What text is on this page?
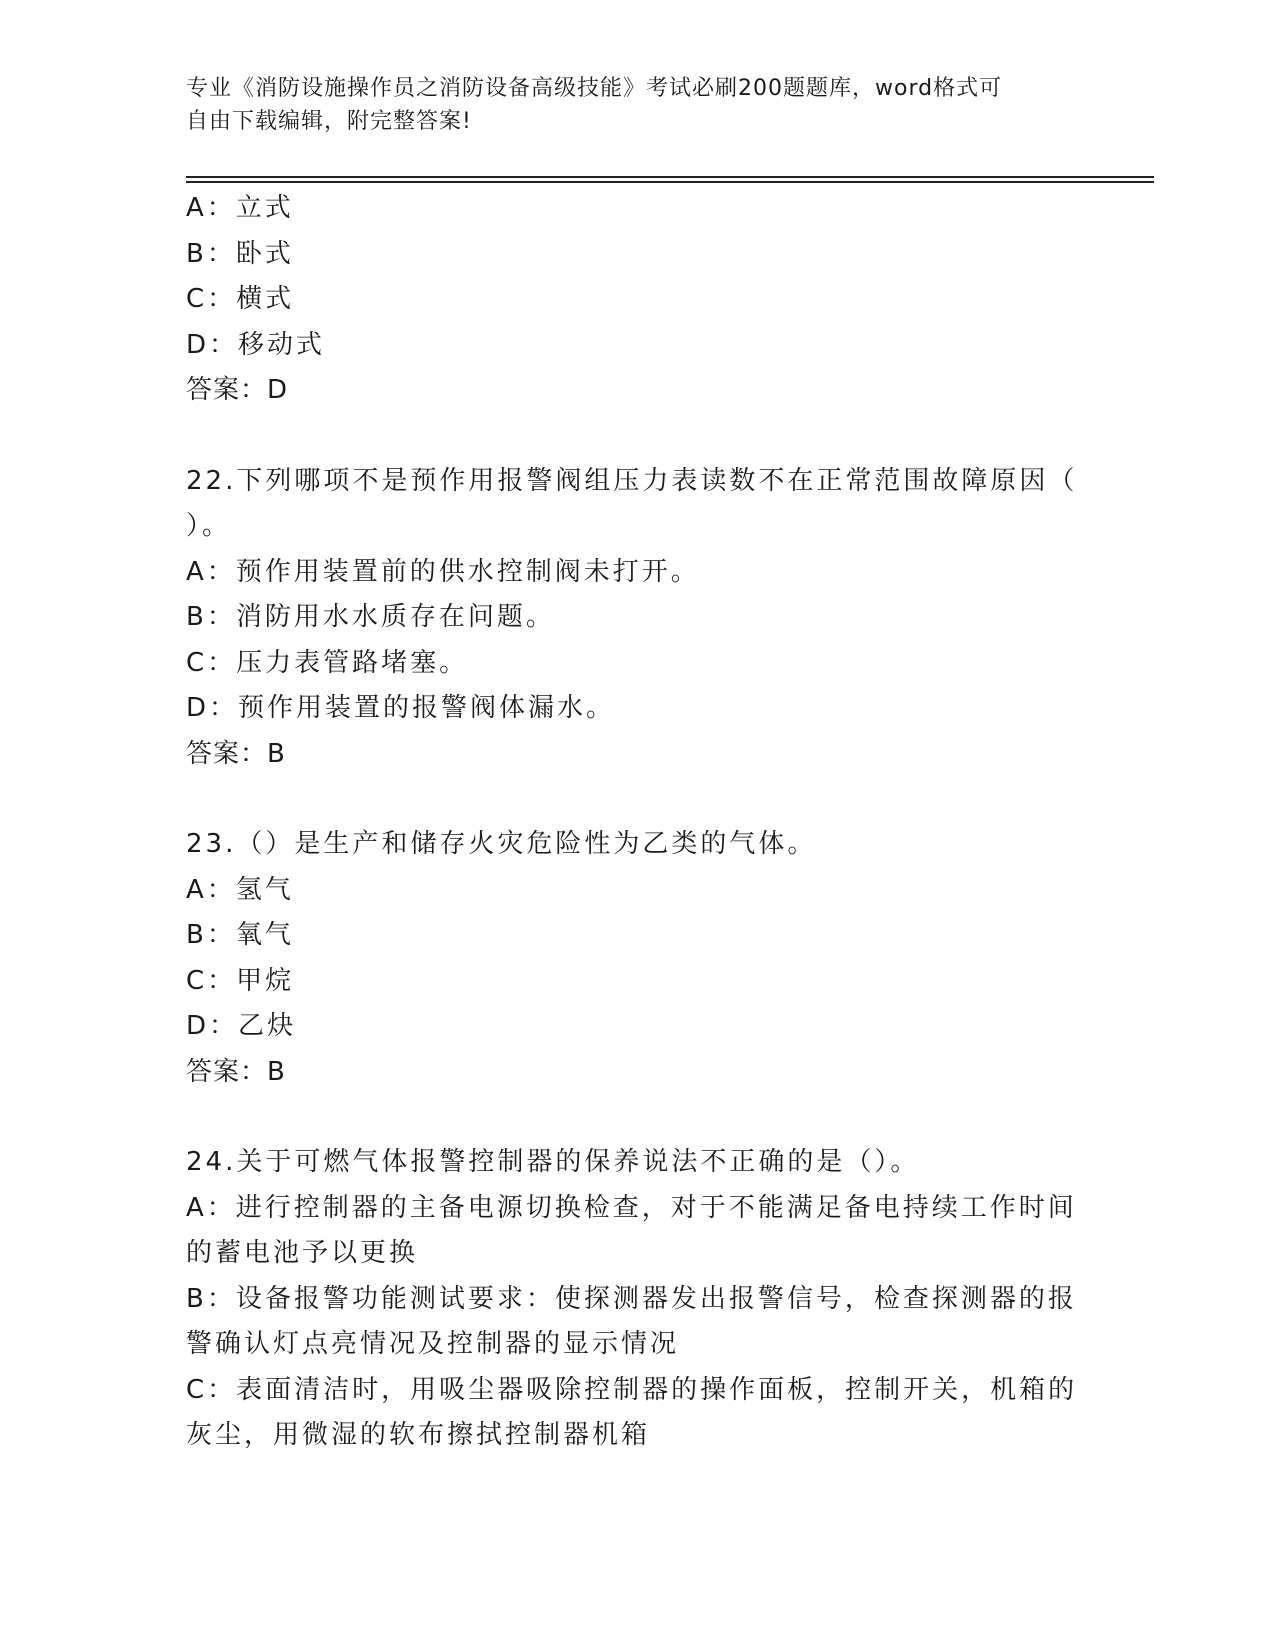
专业《消防设施操作员之消防设备高级技能》考试必刷200题题库，word格式可
自由下载编辑，附完整答案!
A：立式
B：卧式
C：横式
D：移动式
答案：D
22.下列哪项不是预作用报警阀组压力表读数不在正常范围故障原因（
）。
A：预作用装置前的供水控制阀未打开。
B：消防用水水质存在问题。
C：压力表管路堵塞。
D：预作用装置的报警阀体漏水。
答案：B
23.（）是生产和储存火灾危险性为乙类的气体。
A：氢气
B：氧气
C：甲烷
D：乙炔
答案：B
24.关于可燃气体报警控制器的保养说法不正确的是（）。
A：进行控制器的主备电源切换检查，对于不能满足备电持续工作时间
的蓄电池予以更换
B：设备报警功能测试要求：使探测器发出报警信号，检查探测器的报
警确认灯点亮情况及控制器的显示情况
C：表面清洁时，用吸尘器吸除控制器的操作面板，控制开关，机箱的
灰尘，用微湿的软布擦拭控制器机箱
